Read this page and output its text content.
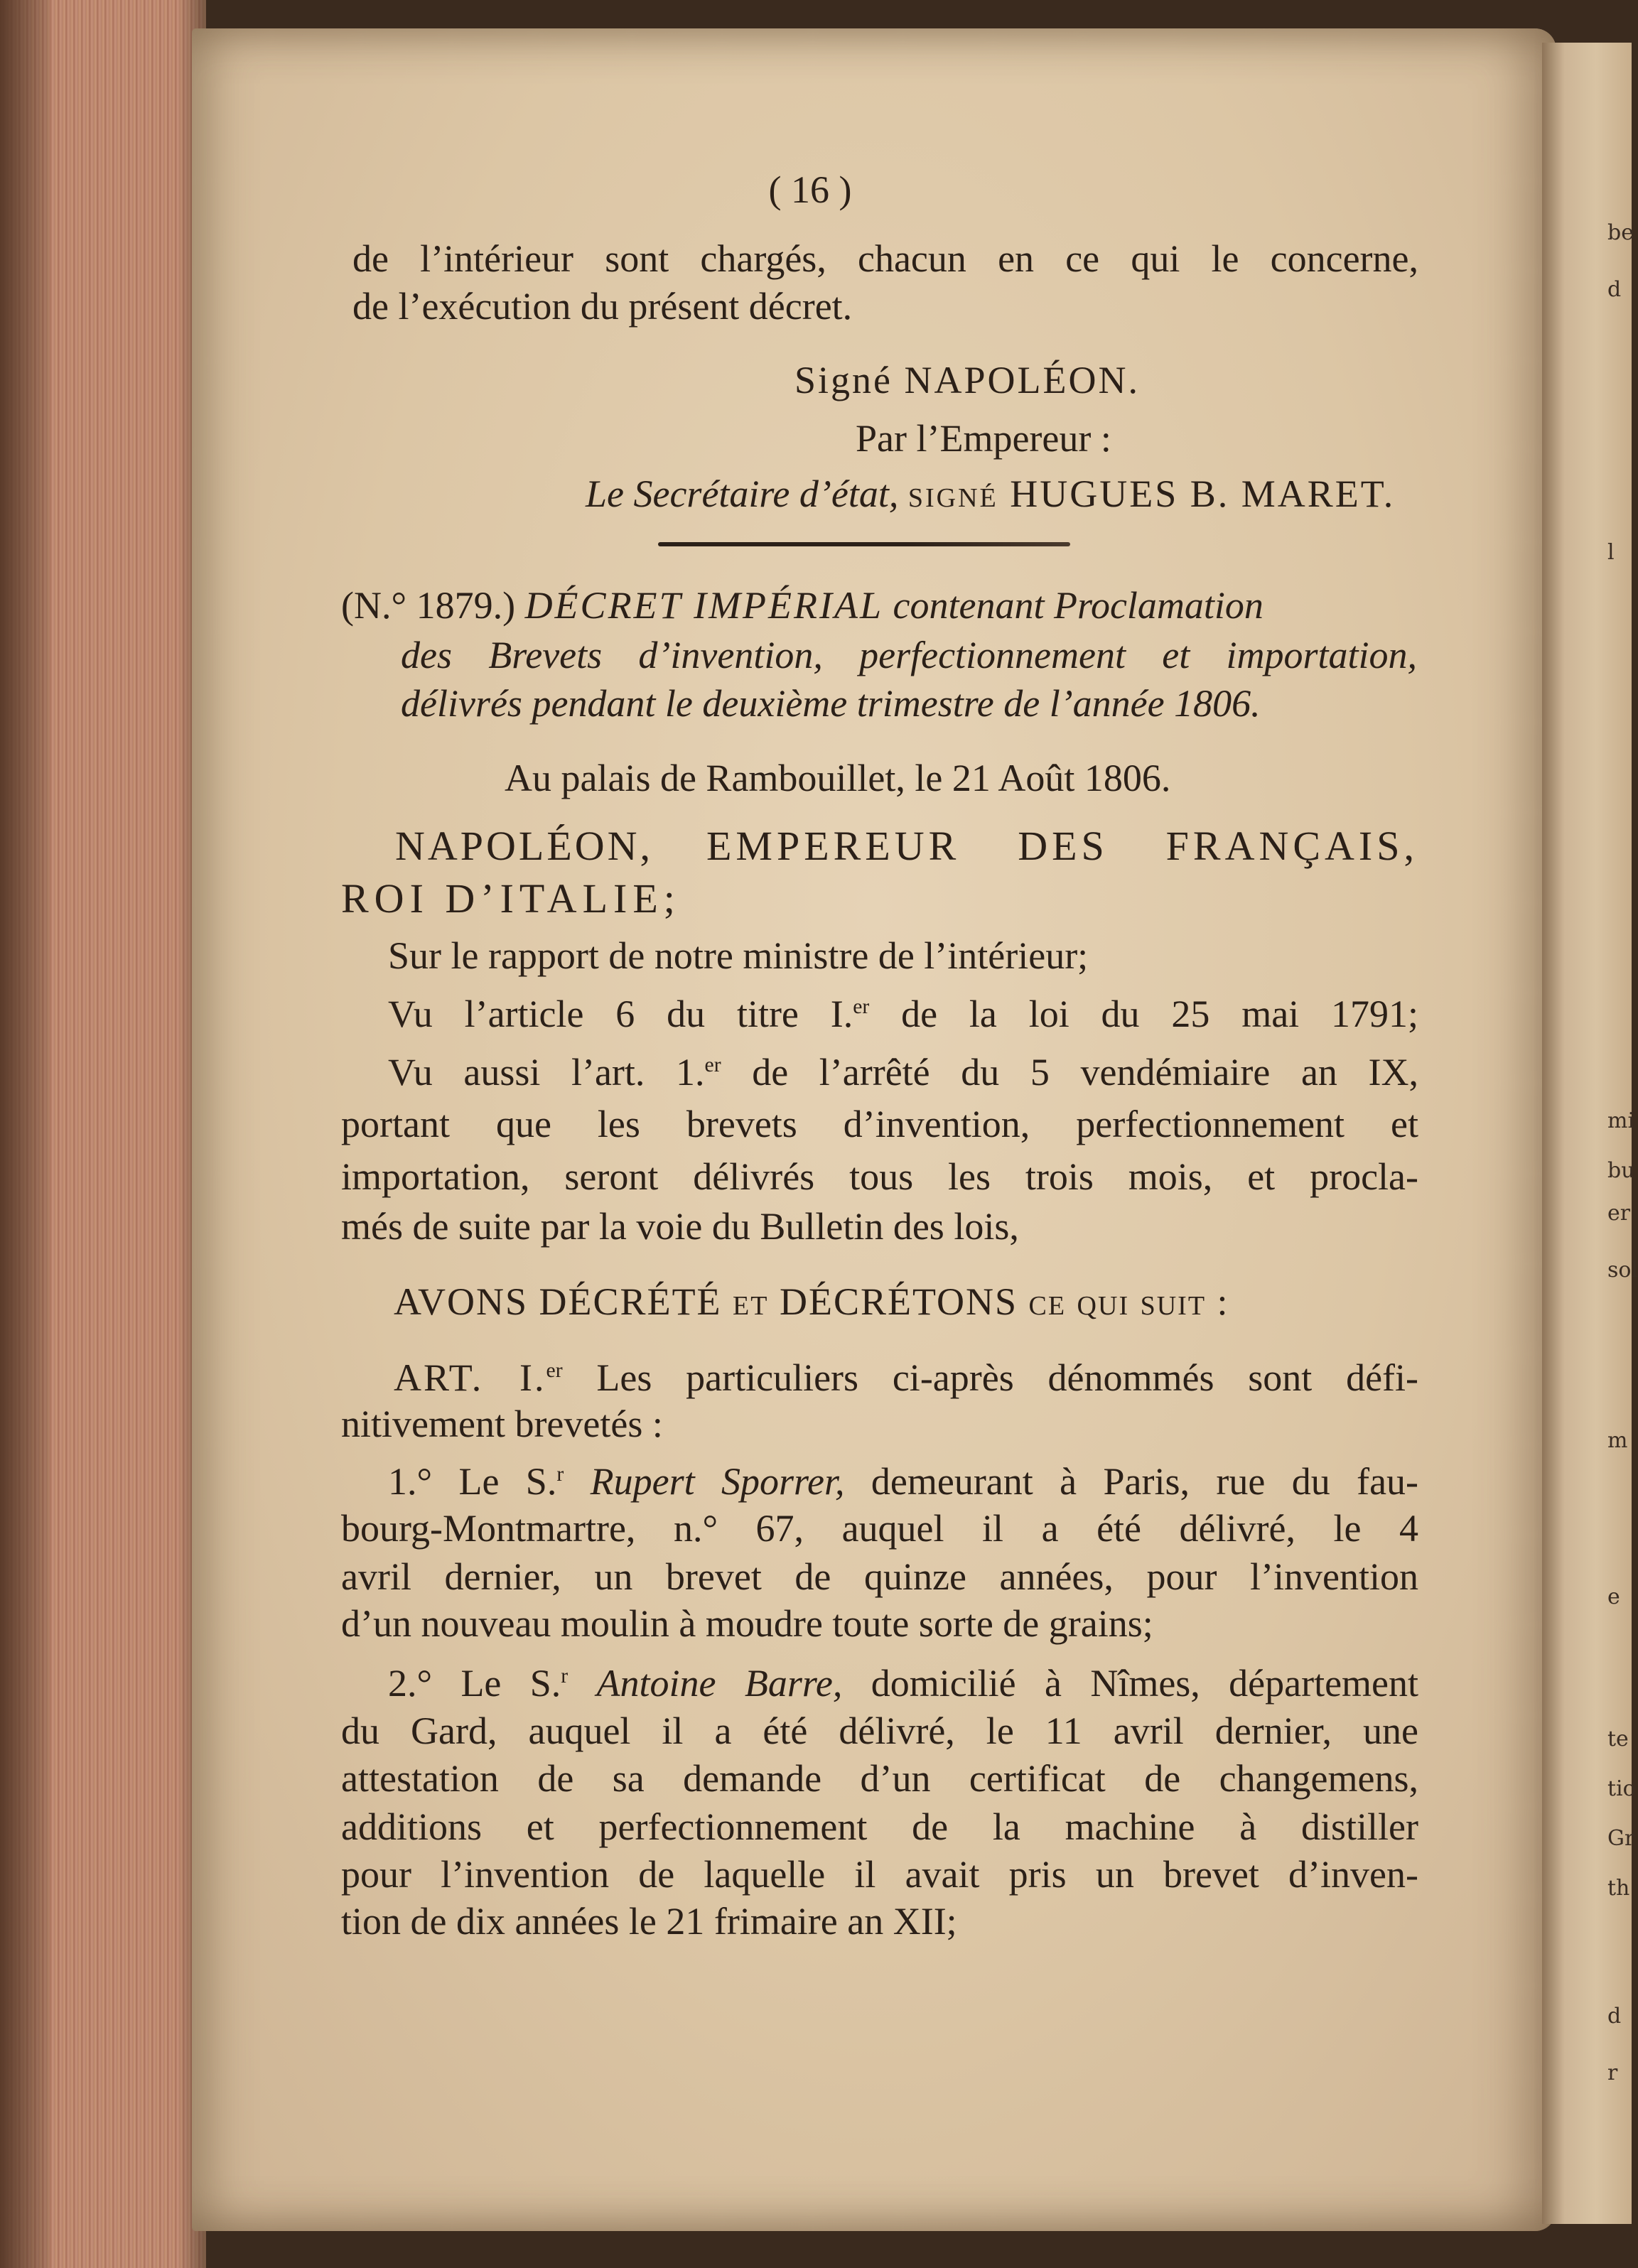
be
d
l
mi
bu
er
sol
m
e
te
tio
Gr
th
d
r
( 16 )
de l’intérieur sont chargés, chacun en ce qui le concerne,
de l’exécution du présent décret.
Signé NAPOLÉON.
Par l’Empereur :
Le Secrétaire d’état, signé HUGUES B. MARET.
(N.° 1879.) DÉCRET IMPÉRIAL contenant Proclamation
des Brevets d’invention, perfectionnement et importation,
délivrés pendant le deuxième trimestre de l’année 1806.
Au palais de Rambouillet, le 21 Août 1806.
NAPOLÉON, EMPEREUR DES FRANÇAIS,
ROI D’ITALIE;
Sur le rapport de notre ministre de l’intérieur;
Vu l’article 6 du titre I.$^{er}$ de la loi du 25 mai 1791;
Vu aussi l’art. 1.$^{er}$ de l’arrêté du 5 vendémiaire an IX,
portant que les brevets d’invention, perfectionnement et
importation, seront délivrés tous les trois mois, et procla-
més de suite par la voie du Bulletin des lois,
AVONS DÉCRÉTÉ et DÉCRÉTONS ce qui suit :
ART. I.$^{er}$ Les particuliers ci-après dénommés sont défi-
nitivement brevetés :
1.° Le S.$^r$ Rupert Sporrer, demeurant à Paris, rue du fau-
bourg-Montmartre, n.° 67, auquel il a été délivré, le 4
avril dernier, un brevet de quinze années, pour l’invention
d’un nouveau moulin à moudre toute sorte de grains;
2.° Le S.$^r$ Antoine Barre, domicilié à Nîmes, département
du Gard, auquel il a été délivré, le 11 avril dernier, une
attestation de sa demande d’un certificat de changemens,
additions et perfectionnement de la machine à distiller
pour l’invention de laquelle il avait pris un brevet d’inven-
tion de dix années le 21 frimaire an XII;
